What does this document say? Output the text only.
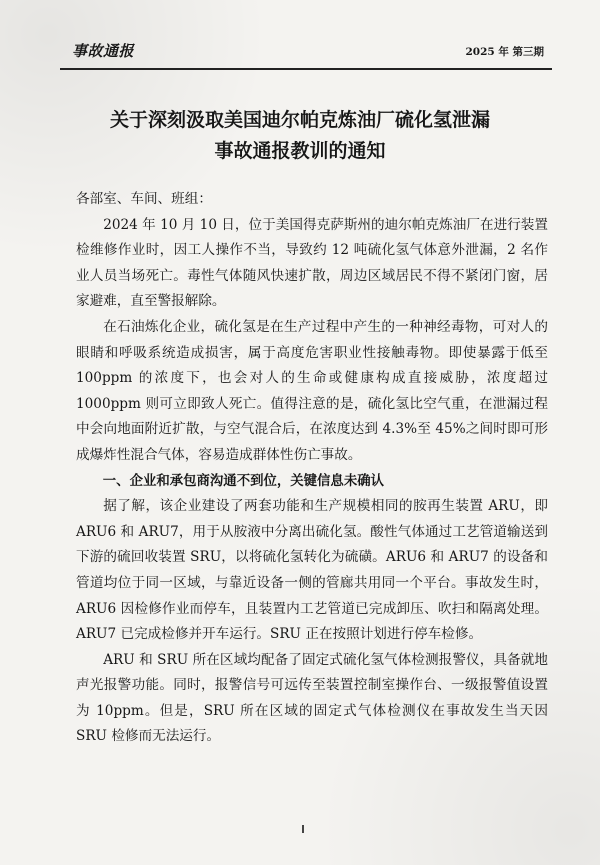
事故通报	2025 年 第三期
关于深刻汲取美国迪尔帕克炼油厂硫化氢泄漏
事故通报教训的通知

各部室、车间、班组：

2024 年 10 月 10 日，位于美国得克萨斯州的迪尔帕克炼油厂在进行装置检维修作业时，因工人操作不当，导致约 12 吨硫化氢气体意外泄漏，2 名作业人员当场死亡。毒性气体随风快速扩散，周边区域居民不得不紧闭门窗，居家避难，直至警报解除。

在石油炼化企业，硫化氢是在生产过程中产生的一种神经毒物，可对人的眼睛和呼吸系统造成损害，属于高度危害职业性接触毒物。即使暴露于低至 100ppm 的浓度下，也会对人的生命或健康构成直接威胁，浓度超过 1000ppm 则可立即致人死亡。值得注意的是，硫化氢比空气重，在泄漏过程中会向地面附近扩散，与空气混合后，在浓度达到 4.3%至 45%之间时即可形成爆炸性混合气体，容易造成群体性伤亡事故。

一、企业和承包商沟通不到位，关键信息未确认

据了解，该企业建设了两套功能和生产规模相同的胺再生装置 ARU，即 ARU6 和 ARU7，用于从胺液中分离出硫化氢。酸性气体通过工艺管道输送到下游的硫回收装置 SRU，以将硫化氢转化为硫磺。ARU6 和 ARU7 的设备和管道均位于同一区域，与靠近设备一侧的管廊共用同一个平台。事故发生时，ARU6 因检修作业而停车，且装置内工艺管道已完成卸压、吹扫和隔离处理。ARU7 已完成检修并开车运行。SRU 正在按照计划进行停车检修。

ARU 和 SRU 所在区域均配备了固定式硫化氢气体检测报警仪，具备就地声光报警功能。同时，报警信号可远传至装置控制室操作台、一级报警值设置为 10ppm。但是，SRU 所在区域的固定式气体检测仪在事故发生当天因 SRU 检修而无法运行。
